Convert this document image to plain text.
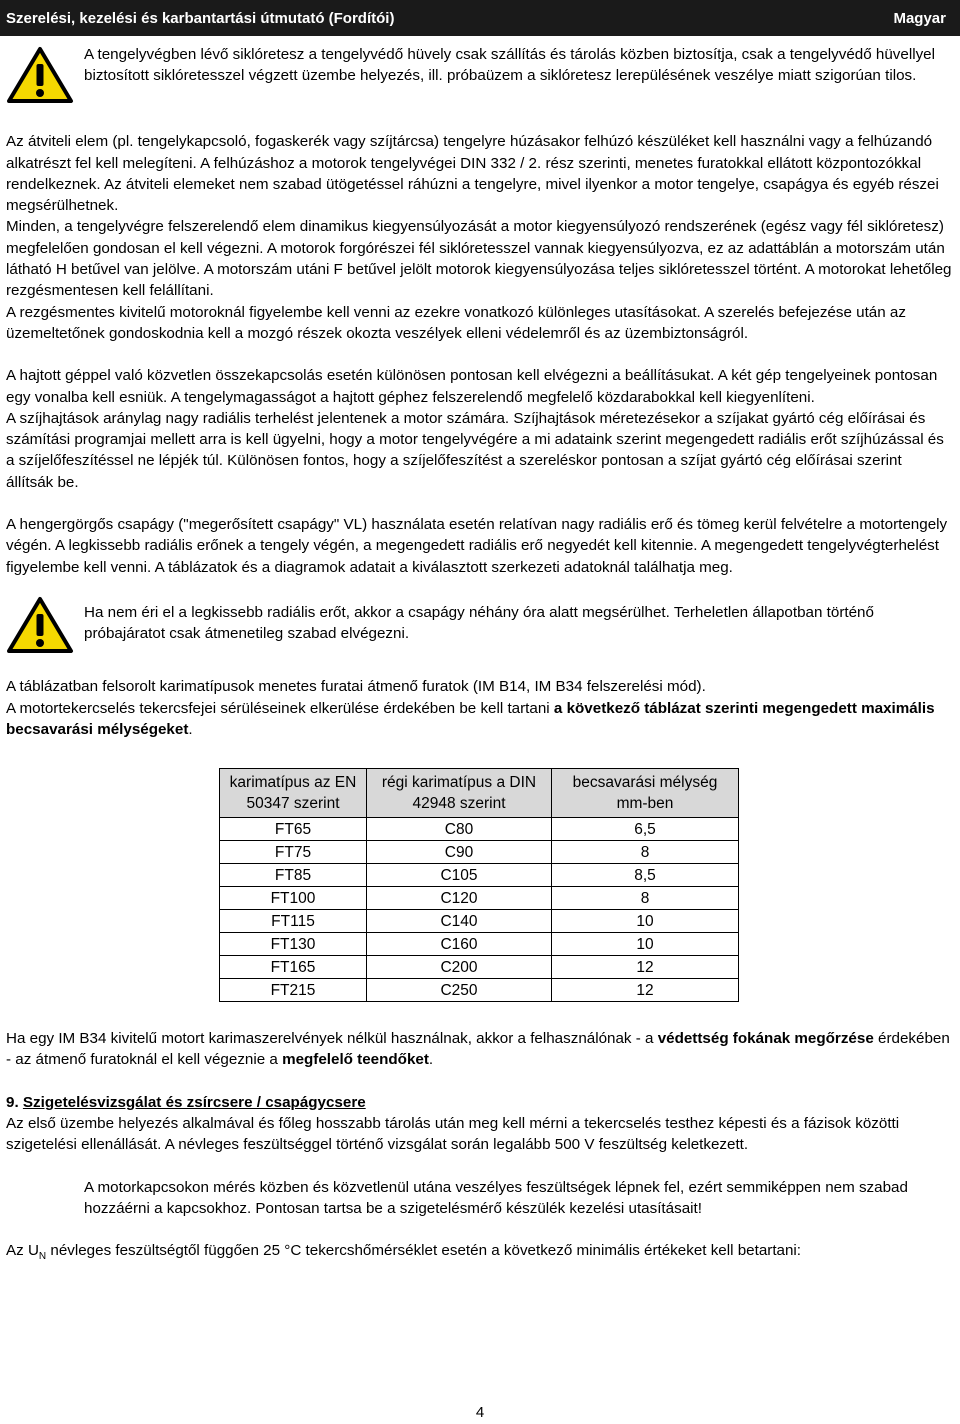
Szerelési, kezelési és karbantartási útmutató (Fordítói)	Magyar

A tengelyvégben lévő siklóretesz a tengelyvédő hüvely csak szállítás és tárolás közben biztosítja, csak a tengelyvédő hüvellyel biztosított siklóretesszel végzett üzembe helyezés, ill. próbaüzem a siklóretesz lerepülésének veszélye miatt szigorúan tilos.

Az átviteli elem (pl. tengelykapcsoló, fogaskerék vagy szíjtárcsa) tengelyre húzásakor felhúzó készüléket kell használni vagy a felhúzandó alkatrészt fel kell melegíteni. A felhúzáshoz a motorok tengelyvégei DIN 332 / 2. rész szerinti, menetes furatokkal ellátott központozókkal rendelkeznek. Az átviteli elemeket nem szabad ütögetéssel ráhúzni a tengelyre, mivel ilyenkor a motor tengelye, csapágya és egyéb részei megsérülhetnek.

Minden, a tengelyvégre felszerelendő elem dinamikus kiegyensúlyozását a motor kiegyensúlyozó rendszerének (egész vagy fél siklóretesz) megfelelően gondosan el kell végezni. A motorok forgórészei fél siklóretesszel vannak kiegyensúlyozva, ez az adattáblán a motorszám után látható H betűvel van jelölve. A motorszám utáni F betűvel jelölt motorok kiegyensúlyozása teljes siklóretesszel történt. A motorokat lehetőleg rezgésmentesen kell felállítani.

A rezgésmentes kivitelű motoroknál figyelembe kell venni az ezekre vonatkozó különleges utasításokat. A szerelés befejezése után az üzemeltetőnek gondoskodnia kell a mozgó részek okozta veszélyek elleni védelemről és az üzembiztonságról.

A hajtott géppel való közvetlen összekapcsolás esetén különösen pontosan kell elvégezni a beállításukat. A két gép tengelyeinek pontosan egy vonalba kell esniük. A tengelymagasságot a hajtott géphez felszerelendő megfelelő közdarabokkal kell kiegyenlíteni.

A szíjhajtások aránylag nagy radiális terhelést jelentenek a motor számára. Szíjhajtások méretezésekor a szíjakat gyártó cég előírásai és számítási programjai mellett arra is kell ügyelni, hogy a motor tengelyvégére a mi adataink szerint megengedett radiális erőt szíjhúzással és a szíjelőfeszítéssel ne lépjék túl. Különösen fontos, hogy a szíjelőfeszítést a szereléskor pontosan a szíjat gyártó cég előírásai szerint állítsák be.

A hengergörgős csapágy ("megerősített csapágy" VL) használata esetén relatívan nagy radiális erő és tömeg kerül felvételre a motortengely végén. A legkissebb radiális erőnek a tengely végén, a megengedett radiális erő negyedét kell kitennie. A megengedett tengelyvégterhelést figyelembe kell venni. A táblázatok és a diagramok adatait a kiválasztott szerkezeti adatoknál találhatja meg.

Ha nem éri el a legkissebb radiális erőt, akkor a csapágy néhány óra alatt megsérülhet. Terheletlen állapotban történő próbajáratot csak átmenetileg szabad elvégezni.

A táblázatban felsorolt karimatípusok menetes furatai átmenő furatok (IM B14, IM B34 felszerelési mód).

A motortekercselés tekercsfejei sérüléseinek elkerülése érdekében be kell tartani a következő táblázat szerinti megengedett maximális becsavarási mélységeket.

karimatípus az EN 50347 szerint	régi karimatípus a DIN 42948 szerint	becsavarási mélység mm-ben
FT65	C80	6,5
FT75	C90	8
FT85	C105	8,5
FT100	C120	8
FT115	C140	10
FT130	C160	10
FT165	C200	12
FT215	C250	12

Ha egy IM B34 kivitelű motort karimaszerelvények nélkül használnak, akkor a felhasználónak - a védettség fokának megőrzése érdekében - az átmenő furatoknál el kell végeznie a megfelelő teendőket.

9. Szigetelésvizsgálat és zsírcsere / csapágycsere

Az első üzembe helyezés alkalmával és főleg hosszabb tárolás után meg kell mérni a tekercselés testhez képesti és a fázisok közötti szigetelési ellenállását. A névleges feszültséggel történő vizsgálat során legalább 500 V feszültség keletkezett.

A motorkapcsokon mérés közben és közvetlenül utána veszélyes feszültségek lépnek fel, ezért semmiképpen nem szabad hozzáérni a kapcsokhoz. Pontosan tartsa be a szigetelésmérő készülék kezelési utasításait!

Az $U_N$ névleges feszültségtől függően 25 °C tekercshőmérséklet esetén a következő minimális értékeket kell betartani:

4
